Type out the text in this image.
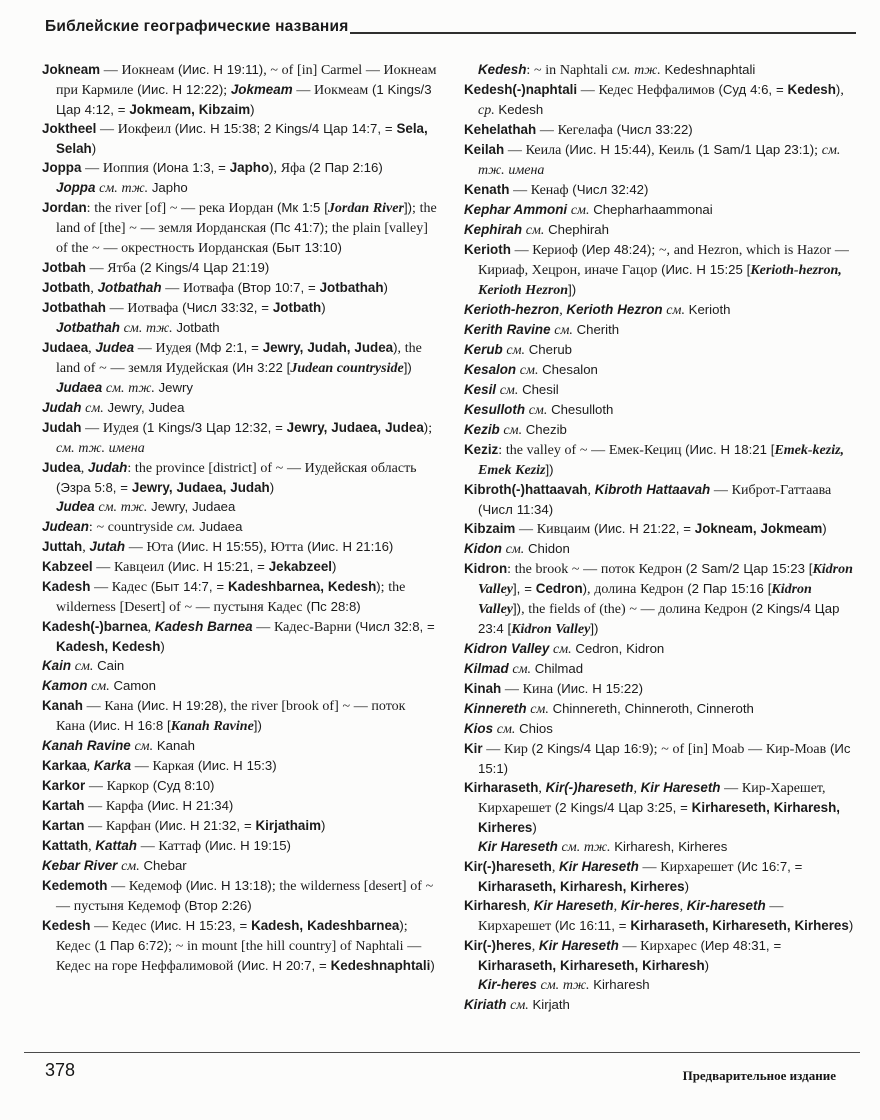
Библейские географические названия

Jokneam — Иокнеам (Иис. Н 19:11), ~ of [in] Carmel — Иокнеам при Кармиле (Иис. Н 12:22); Jokmeam — Иокмеам (1 Kings/3 Цар 4:12, = Jokmeam, Kibzaim)

Joktheel — Иокфеил (Иис. Н 15:38; 2 Kings/4 Цар 14:7, = Sela, Selah)

Joppa — Иоппия (Иона 1:3, = Japho), Яфа (2 Пар 2:16)

Joppa см. тж. Japho

Jordan: the river [of] ~ — река Иордан (Мк 1:5 [Jordan River]); the land of [the] ~ — земля Иорданская (Пс 41:7); the plain [valley] of the ~ — окрестность Иорданская (Быт 13:10)

Jotbah — Ятба (2 Kings/4 Цар 21:19)

Jotbath, Jotbathah — Иотвафа (Втор 10:7, = Jotbathah)

Jotbathah — Иотвафа (Числ 33:32, = Jotbath)

Jotbathah см. тж. Jotbath

Judaea, Judea — Иудея (Мф 2:1, = Jewry, Judah, Judea), the land of ~ — земля Иудейская (Ин 3:22 [Judean countryside])

Judaea см. тж. Jewry

Judah см. Jewry, Judea

Judah — Иудея (1 Kings/3 Цар 12:32, = Jewry, Judaea, Judea); см. тж. имена

Judea, Judah: the province [district] of ~ — Иудейская область (Эзра 5:8, = Jewry, Judaea, Judah)

Judea см. тж. Jewry, Judaea

Judean: ~ countryside см. Judaea

Juttah, Jutah — Юта (Иис. Н 15:55), Ютта (Иис. Н 21:16)

Kabzeel — Кавцеил (Иис. Н 15:21, = Jekabzeel)

Kadesh — Кадес (Быт 14:7, = Kadeshbarnea, Kedesh); the wilderness [Desert] of ~ — пустыня Кадес (Пс 28:8)

Kadesh(-)barnea, Kadesh Barnea — Кадес-Варни (Числ 32:8, = Kadesh, Kedesh)

Kain см. Cain

Kamon см. Camon

Kanah — Кана (Иис. Н 19:28), the river [brook of] ~ — поток Кана (Иис. Н 16:8 [Kanah Ravine])

Kanah Ravine см. Kanah

Karkaa, Karka — Каркая (Иис. Н 15:3)

Karkor — Каркор (Суд 8:10)

Kartah — Карфа (Иис. Н 21:34)

Kartan — Карфан (Иис. Н 21:32, = Kirjathaim)

Kattath, Kattah — Каттаф (Иис. Н 19:15)

Kebar River см. Chebar

Kedemoth — Кедемоф (Иис. Н 13:18); the wilderness [desert] of ~ — пустыня Кедемоф (Втор 2:26)

Kedesh — Кедес (Иис. Н 15:23, = Kadesh, Kadeshbarnea); Кедес (1 Пар 6:72); ~ in mount [the hill country] of Naphtali — Кедес на горе Неффалимовой (Иис. Н 20:7, = Kedeshnaphtali)

Kedesh: ~ in Naphtali см. тж. Kedeshnaphtali

Kedesh(-)naphtali — Кедес Неффалимов (Суд 4:6, = Kedesh), ср. Kedesh

Kehelathah — Кегелафа (Числ 33:22)

Keilah — Кеила (Иис. Н 15:44), Кеиль (1 Sam/1 Цар 23:1); см. тж. имена

Kenath — Кенаф (Числ 32:42)

Kephar Ammoni см. Chepharhaammonai

Kephirah см. Chephirah

Kerioth — Кериоф (Иер 48:24); ~, and Hezron, which is Hazor — Кириаф, Хецрон, иначе Гацор (Иис. Н 15:25 [Kerioth-hezron, Kerioth Hezron])

Kerioth-hezron, Kerioth Hezron см. Kerioth

Kerith Ravine см. Cherith

Kerub см. Cherub

Kesalon см. Chesalon

Kesil см. Chesil

Kesulloth см. Chesulloth

Kezib см. Chezib

Keziz: the valley of ~ — Емек-Кециц (Иис. Н 18:21 [Emek-keziz, Emek Keziz])

Kibroth(-)hattaavah, Kibroth Hattaavah — Киброт-Гаттаава (Числ 11:34)

Kibzaim — Кивцаим (Иис. Н 21:22, = Jokneam, Jokmeam)

Kidon см. Chidon

Kidron: the brook ~ — поток Кедрон (2 Sam/2 Цар 15:23 [Kidron Valley], = Cedron), долина Кедрон (2 Пар 15:16 [Kidron Valley]), the fields of (the) ~ — долина Кедрон (2 Kings/4 Цар 23:4 [Kidron Valley])

Kidron Valley см. Cedron, Kidron

Kilmad см. Chilmad

Kinah — Кина (Иис. Н 15:22)

Kinnereth см. Chinnereth, Chinneroth, Cinneroth

Kios см. Chios

Kir — Кир (2 Kings/4 Цар 16:9); ~ of [in] Moab — Кир-Моав (Ис 15:1)

Kirharaseth, Kir(-)hareseth, Kir Hareseth — Кир-Харешет, Кирхарешет (2 Kings/4 Цар 3:25, = Kirhareseth, Kirharesh, Kirheres)

Kir Hareseth см. тж. Kirharesh, Kirheres

Kir(-)hareseth, Kir Hareseth — Кирхарешет (Ис 16:7, = Kirharaseth, Kirharesh, Kirheres)

Kirharesh, Kir Hareseth, Kir-heres, Kir-hareseth — Кирхарешет (Ис 16:11, = Kirharaseth, Kirhareseth, Kirheres)

Kir(-)heres, Kir Hareseth — Кирхарес (Иер 48:31, = Kirharaseth, Kirhareseth, Kirharesh)

Kir-heres см. тж. Kirharesh

Kiriath см. Kirjath

378	Предварительное издание
